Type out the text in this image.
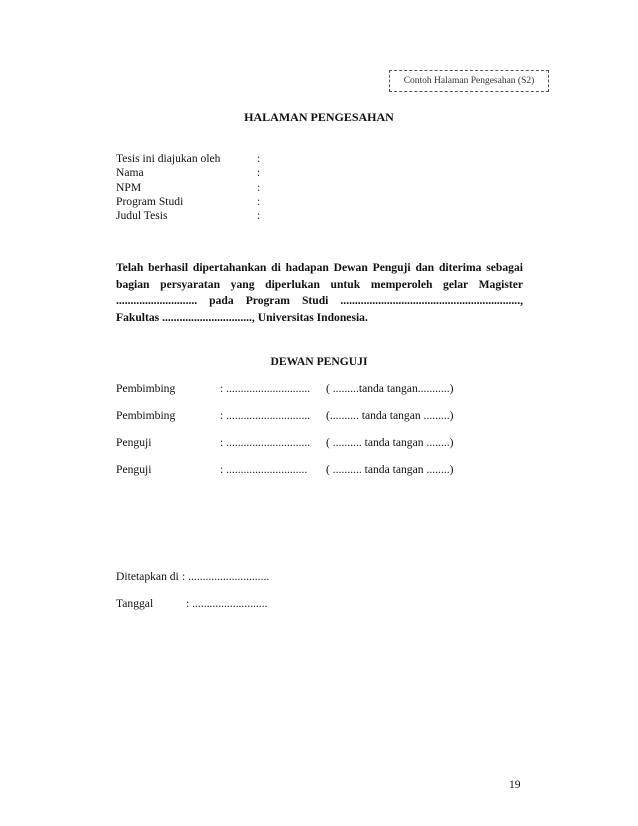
Contoh Halaman Pengesahan (S2)
HALAMAN PENGESAHAN
Tesis ini diajukan oleh	:
Nama	:
NPM	:
Program Studi	:
Judul Tesis	:
Telah berhasil dipertahankan di hadapan Dewan Penguji dan diterima sebagai
bagian persyaratan yang diperlukan untuk memperoleh gelar Magister
............................ pada Program Studi ..............................................................,
Fakultas ..............................., Universitas Indonesia.
DEWAN PENGUJI
Pembimbing	: ............................. ( .........tanda tangan...........)
Pembimbing	: ............................. (.......... tanda tangan .........)
Penguji	: ............................. ( .......... tanda tangan ........)
Penguji	: ............................ ( .......... tanda tangan ........)
Ditetapkan di : ............................
Tanggal	: ..........................
19
